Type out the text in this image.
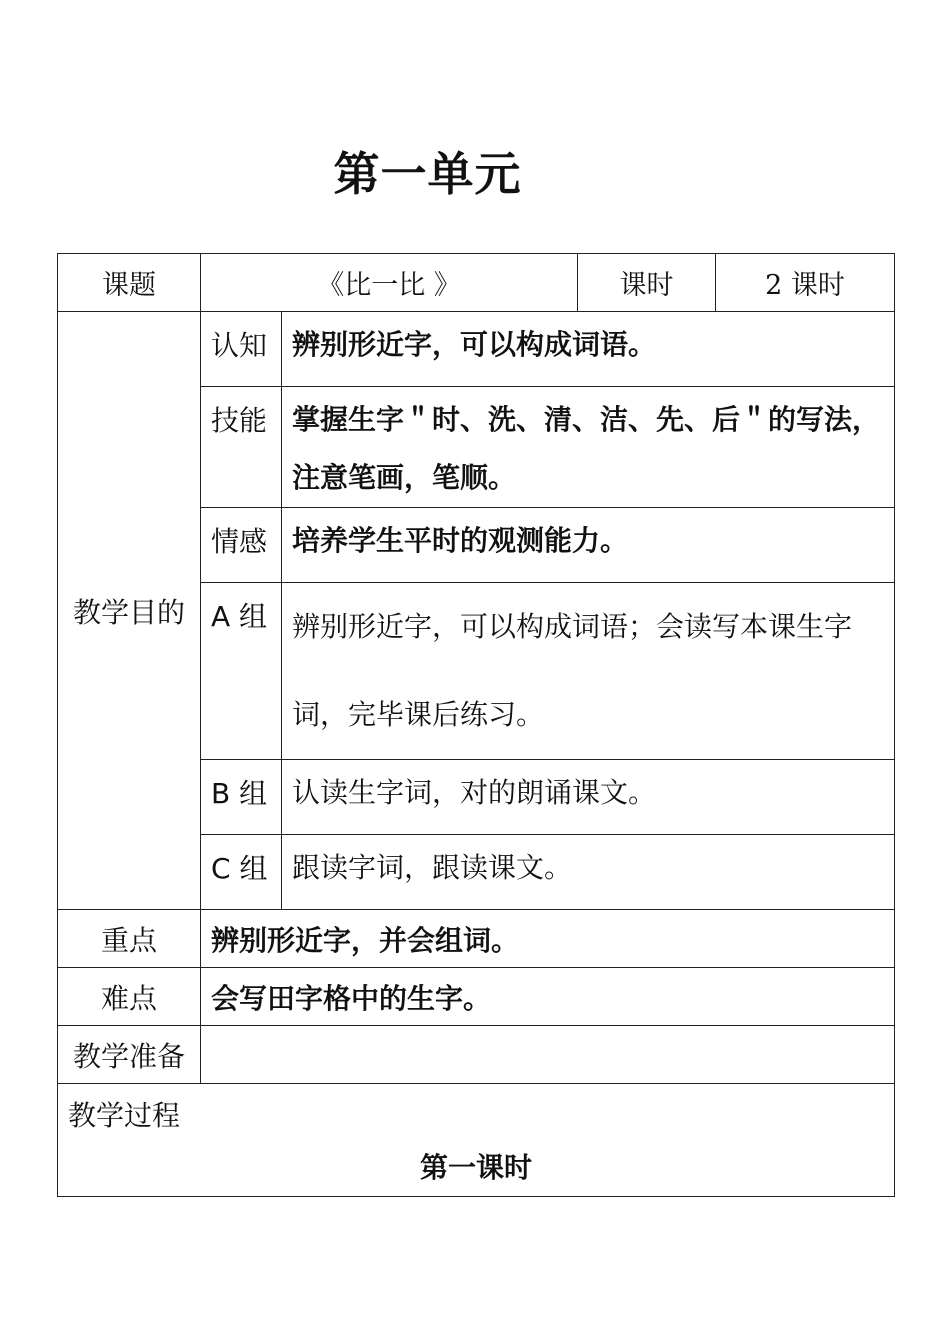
第一单元
课题	《比一比 》		课时	2 课时
教学目的	认知	辨别形近字，可以构成词语。		
	技能	掌握生字＂时、洗、清、洁、先、后＂的写法，注意笔画，笔顺。		
	情感	培养学生平时的观测能力。		
	A 组	辨别形近字，可以构成词语；会读写本课生字词，完毕课后练习。		
	B 组	认读生字词，对的朗诵课文。		
	C 组	跟读字词，跟读课文。		
重点	辨别形近字，并会组词。			
难点	会写田字格中的生字。			
教学准备				

教学过程
第一课时				
